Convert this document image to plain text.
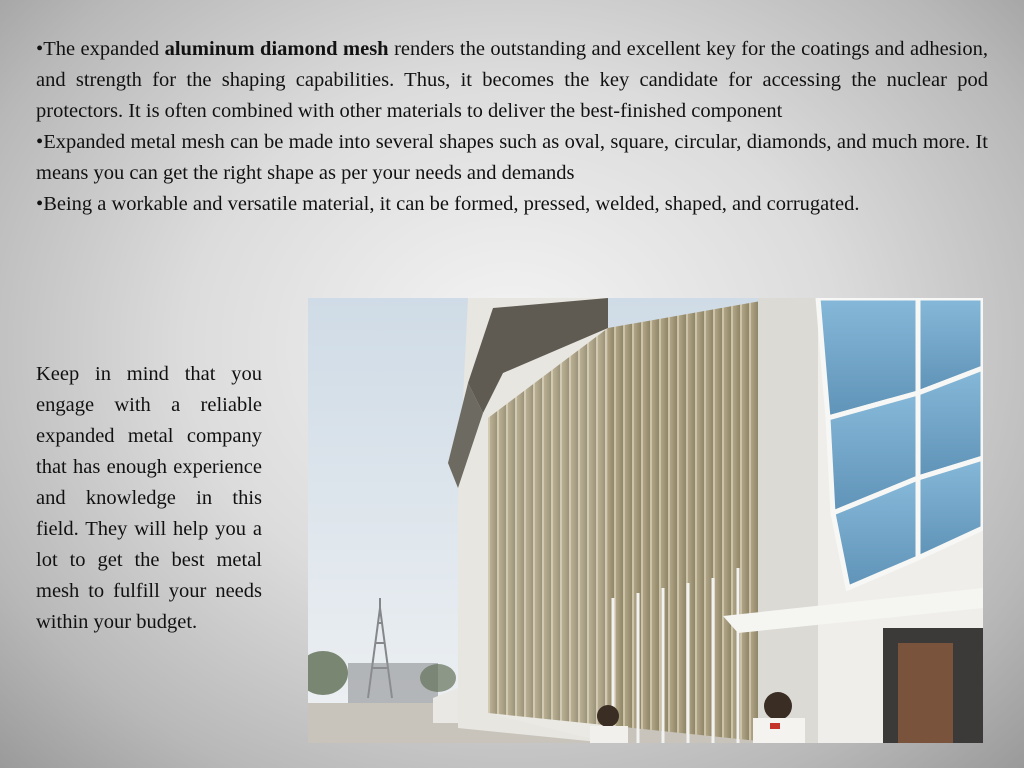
•The expanded aluminum diamond mesh renders the outstanding and excellent key for the coatings and adhesion, and strength for the shaping capabilities. Thus, it becomes the key candidate for accessing the nuclear pod protectors. It is often combined with other materials to deliver the best-finished component

•Expanded metal mesh can be made into several shapes such as oval, square, circular, diamonds, and much more. It means you can get the right shape as per your needs and demands

•Being a workable and versatile material, it can be formed, pressed, welded, shaped, and corrugated.

Keep in mind that you engage with a reliable expanded metal company that has enough experience and knowledge in this field. They will help you a lot to get the best metal mesh to fulfill your needs within your budget.
